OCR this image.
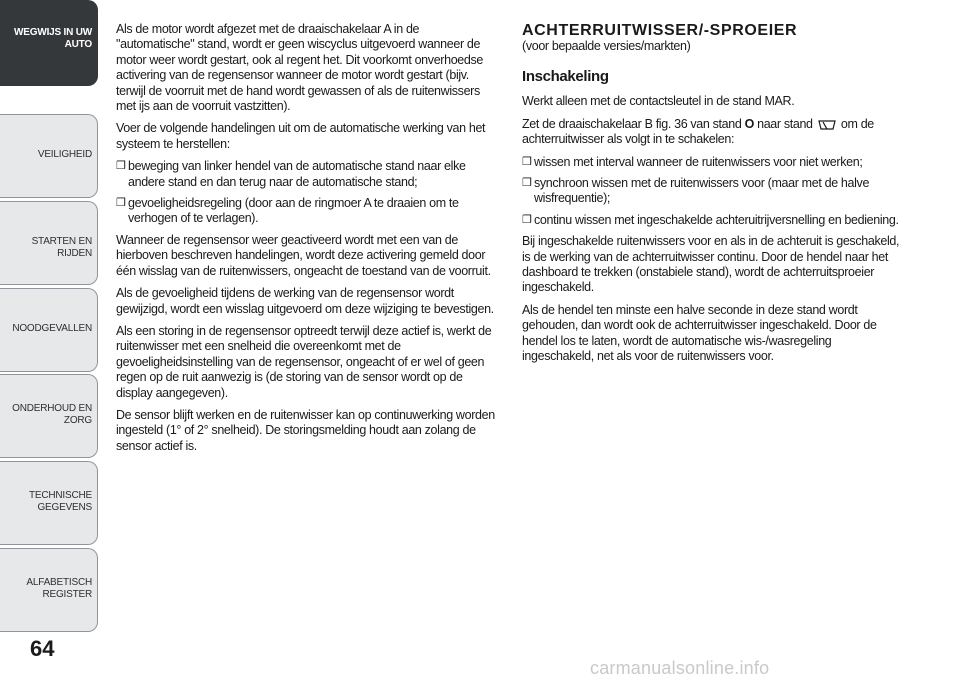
WEGWIJS IN UW AUTO
VEILIGHEID
STARTEN EN RIJDEN
NOODGEVALLEN
ONDERHOUD EN ZORG
TECHNISCHE GEGEVENS
ALFABETISCH REGISTER
64

Als de motor wordt afgezet met de draaischakelaar A in de "automatische" stand, wordt er geen wiscyclus uitgevoerd wanneer de motor weer wordt gestart, ook al regent het. Dit voorkomt onverhoedse activering van de regensensor wanneer de motor wordt gestart (bijv. terwijl de voorruit met de hand wordt gewassen of als de ruitenwissers met ijs aan de voorruit vastzitten).

Voer de volgende handelingen uit om de automatische werking van het systeem te herstellen:

❒ beweging van linker hendel van de automatische stand naar elke andere stand en dan terug naar de automatische stand;
❒ gevoeligheidsregeling (door aan de ringmoer A te draaien om te verhogen of te verlagen).

Wanneer de regensensor weer geactiveerd wordt met een van de hierboven beschreven handelingen, wordt deze activering gemeld door één wisslag van de ruitenwissers, ongeacht de toestand van de voorruit.

Als de gevoeligheid tijdens de werking van de regensensor wordt gewijzigd, wordt een wisslag uitgevoerd om deze wijziging te bevestigen.

Als een storing in de regensensor optreedt terwijl deze actief is, werkt de ruitenwisser met een snelheid die overeenkomt met de gevoeligheidsinstelling van de regensensor, ongeacht of er wel of geen regen op de ruit aanwezig is (de storing van de sensor wordt op de display aangegeven).

De sensor blijft werken en de ruitenwisser kan op continuwerking worden ingesteld (1° of 2° snelheid). De storingsmelding houdt aan zolang de sensor actief is.

ACHTERRUITWISSER/-SPROEIER
(voor bepaalde versies/markten)
Inschakeling

Werkt alleen met de contactsleutel in de stand MAR.

Zet de draaischakelaar B fig. 36 van stand O naar stand om de achterruitwisser als volgt in te schakelen:

❒ wissen met interval wanneer de ruitenwissers voor niet werken;
❒ synchroon wissen met de ruitenwissers voor (maar met de halve wisfrequentie);
❒ continu wissen met ingeschakelde achteruitrijversnelling en bediening.

Bij ingeschakelde ruitenwissers voor en als in de achteruit is geschakeld, is de werking van de achterruitwisser continu. Door de hendel naar het dashboard te trekken (onstabiele stand), wordt de achterruitsproeier ingeschakeld.

Als de hendel ten minste een halve seconde in deze stand wordt gehouden, dan wordt ook de achterruitwisser ingeschakeld. Door de hendel los te laten, wordt de automatische wis-/wasregeling ingeschakeld, net als voor de ruitenwissers voor.

carmanualsonline.info
